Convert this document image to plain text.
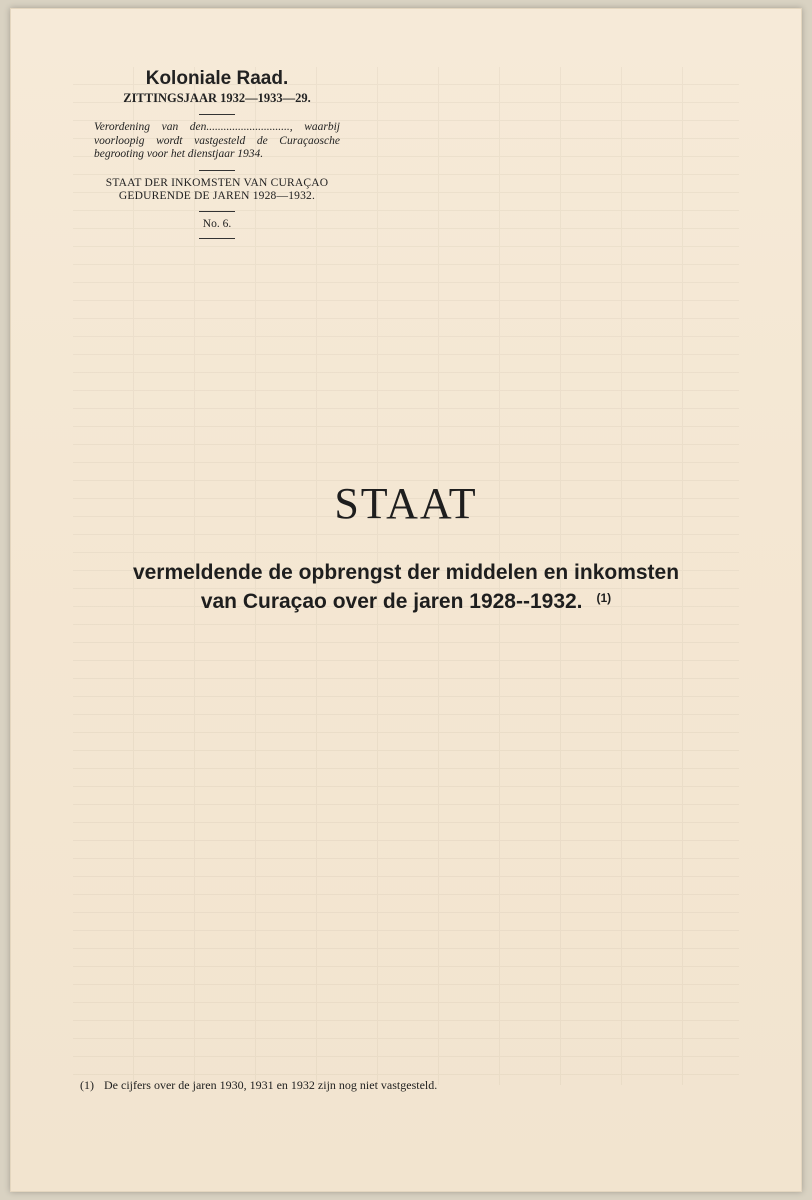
Koloniale Raad.
ZITTINGSJAAR 1932—1933—29.
Verordening van den............................., waarbij voorloopig wordt vastgesteld de Curaçaosche begrooting voor het dienstjaar 1934.
STAAT DER INKOMSTEN VAN CURAÇAO
GEDURENDE DE JAREN 1928—1932.
No. 6.
STAAT
vermeldende de opbrengst der middelen en inkomsten
van Curaçao over de jaren 1928--1932. $^{(1)}$
(1) De cijfers over de jaren 1930, 1931 en 1932 zijn nog niet vastgesteld.
